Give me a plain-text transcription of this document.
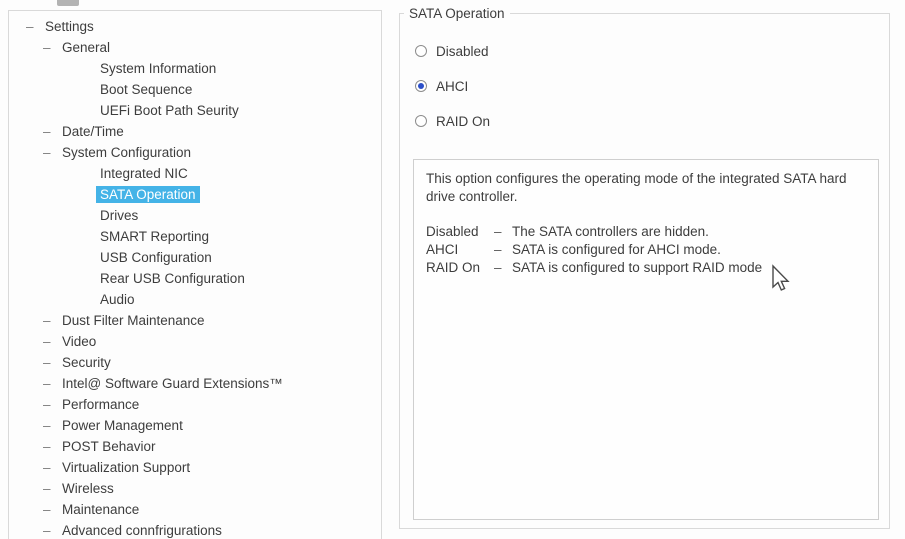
– Settings
– General
System Information
Boot Sequence
UEFi Boot Path Seurity
– Date/Time
– System Configuration
Integrated NIC
SATA Operation
Drives
SMART Reporting
USB Configuration
Rear USB Configuration
Audio
– Dust Filter Maintenance
– Video
– Security
– Intel@ Software Guard Extensions™
– Performance
– Power Management
– POST Behavior
– Virtualization Support
– Wireless
– Maintenance
– Advanced connfrigurations
SATA Operation
Disabled
AHCI
RAID On

This option configures the operating mode of the integrated SATA hard drive controller.

Disabled	– The SATA controllers are hidden.
AHCI	– SATA is configured for AHCI mode.
RAID On	– SATA is configured to support RAID mode
